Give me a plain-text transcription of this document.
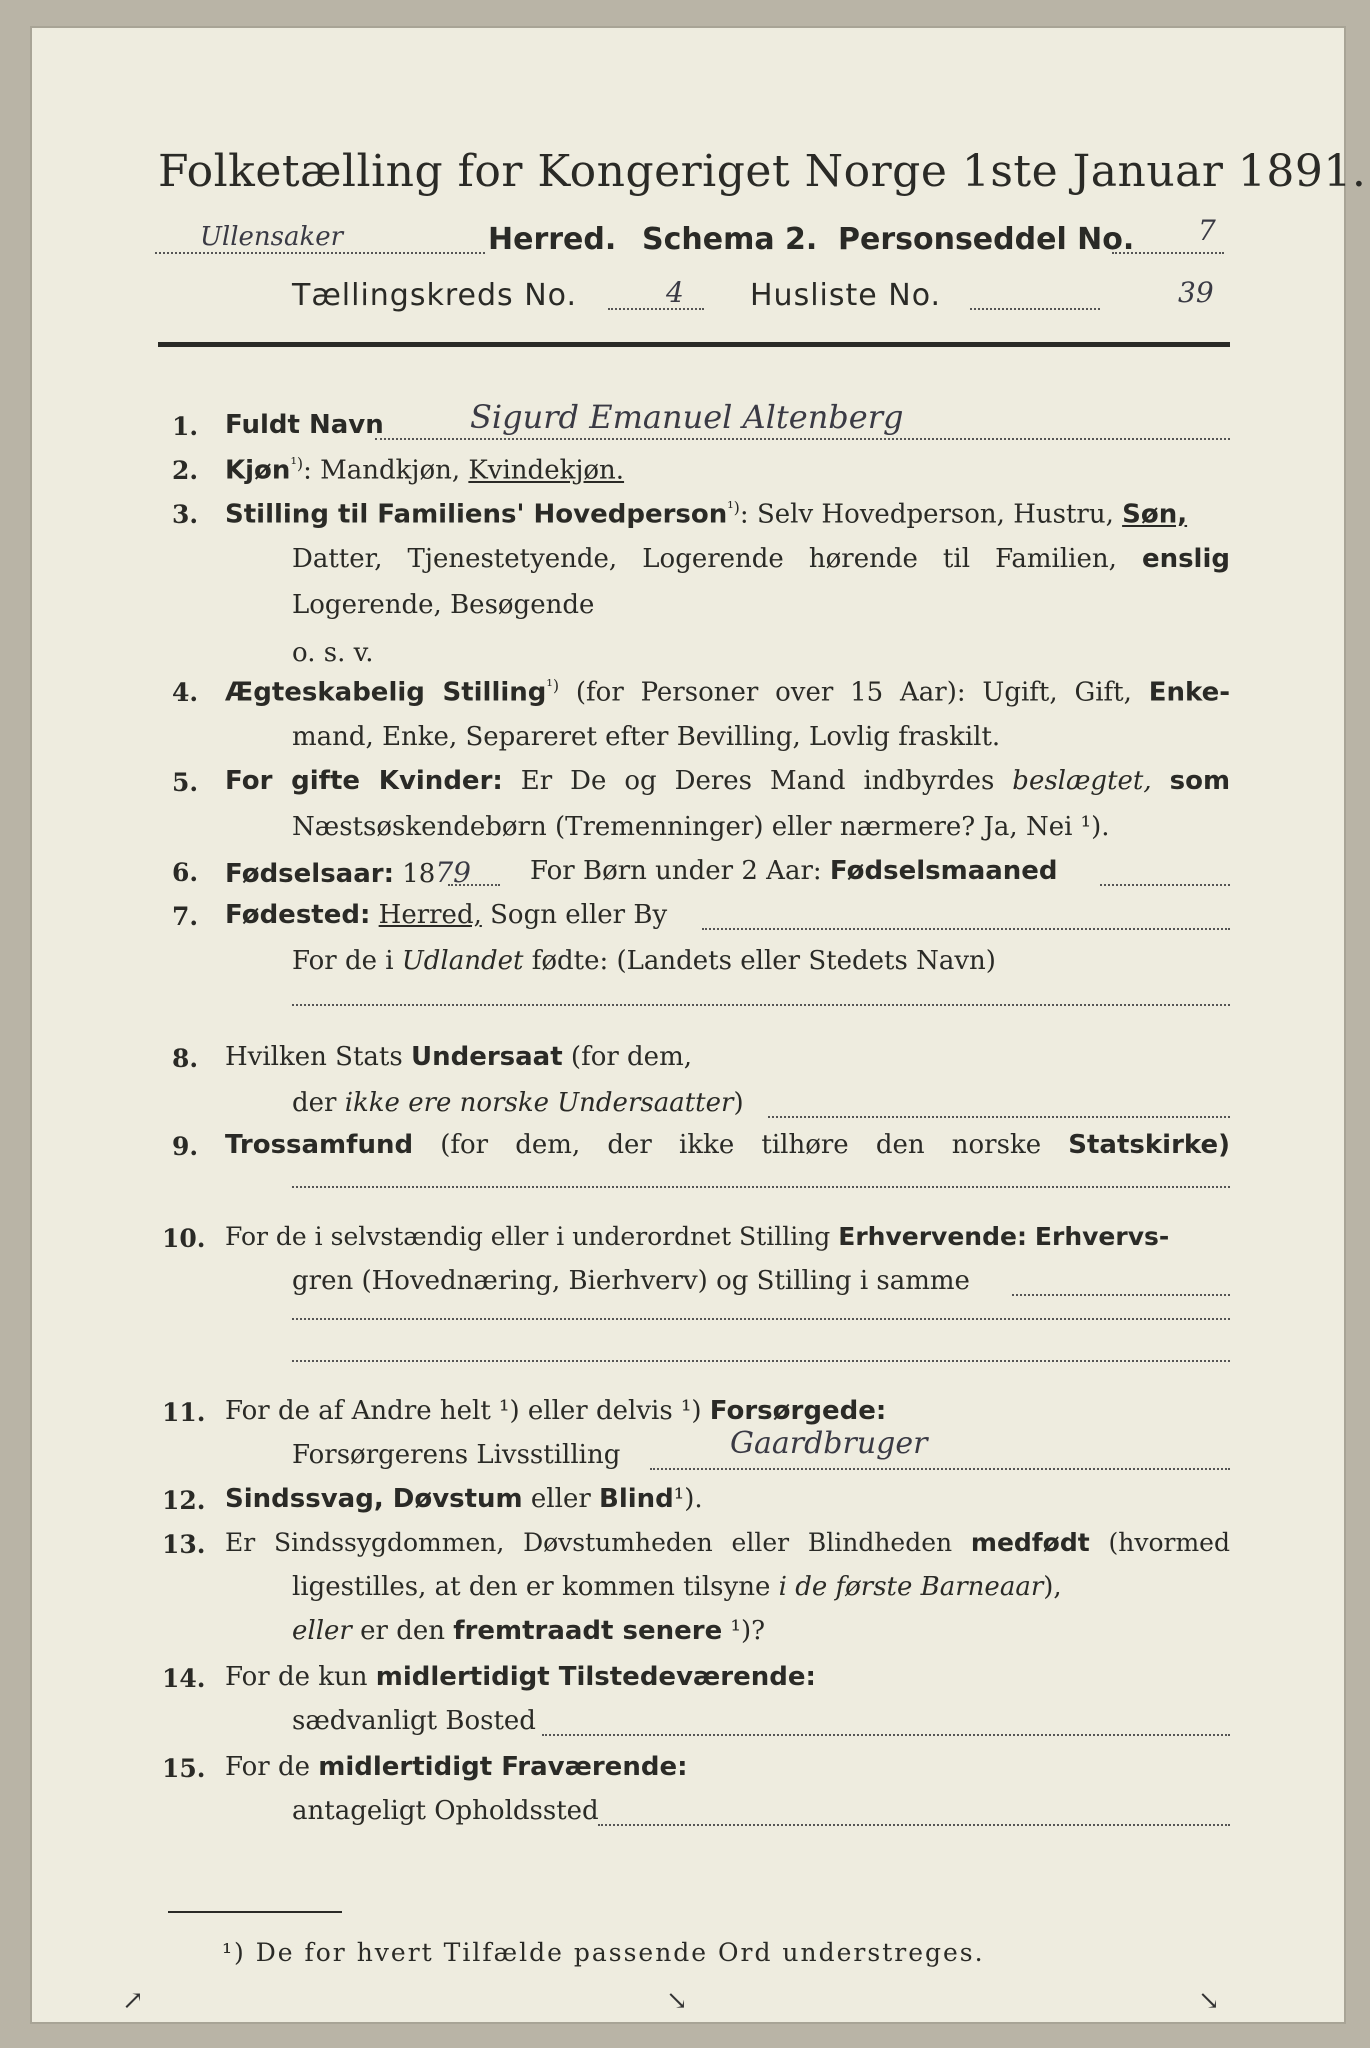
Folketælling for Kongeriget Norge 1ste Januar 1891.
Ullensaker	Herred. Schema 2. Personseddel No. 7
Tællingskreds No.	4 Husliste No.	39
1. Fuldt Navn	Sigurd Emanuel Altenberg
2. Kjøn$^{^1)}$: Mandkjøn, Kvindekjøn.
3. Stilling til Familiens' Hovedperson$^{^1)}$: Selv Hovedperson, Hustru, Søn,
Datter, Tjenestetyende, Logerende hørende til Familien, enslig
Logerende, Besøgende
o. s. v.
4. Ægteskabelig Stilling$^{^1)}$ (for Personer over 15 Aar): Ugift, Gift, Enke-
mand, Enke, Separeret efter Bevilling, Lovlig fraskilt.
5. For gifte Kvinder: Er De og Deres Mand indbyrdes beslægtet, som
Næstsøskendebørn (Tremenninger) eller nærmere? Ja, Nei ¹).
6. Fødselsaar: 1879 For Børn under 2 Aar: Fødselsmaaned
7. Fødested: Herred, Sogn eller By
For de i Udlandet fødte: (Landets eller Stedets Navn)
8. Hvilken Stats Undersaat (for dem,
der ikke ere norske Undersaatter)
9. Trossamfund (for dem, der ikke tilhøre den norske Statskirke)
10. For de i selvstændig eller i underordnet Stilling Erhvervende: Erhvervs-
gren (Hovednæring, Bierhverv) og Stilling i samme
11. For de af Andre helt ¹) eller delvis ¹) Forsørgede:
Forsørgerens Livsstilling	Gaardbruger
12. Sindssvag, Døvstum eller Blind¹).
13. Er Sindssygdommen, Døvstumheden eller Blindheden medfødt (hvormed
ligestilles, at den er kommen tilsyne i de første Barneaar),
eller er den fremtraadt senere ¹)?
14. For de kun midlertidigt Tilstedeværende:
sædvanligt Bosted
15. For de midlertidigt Fraværende:
antageligt Opholdssted
¹) De for hvert Tilfælde passende Ord understreges.
↗	↘	↘
